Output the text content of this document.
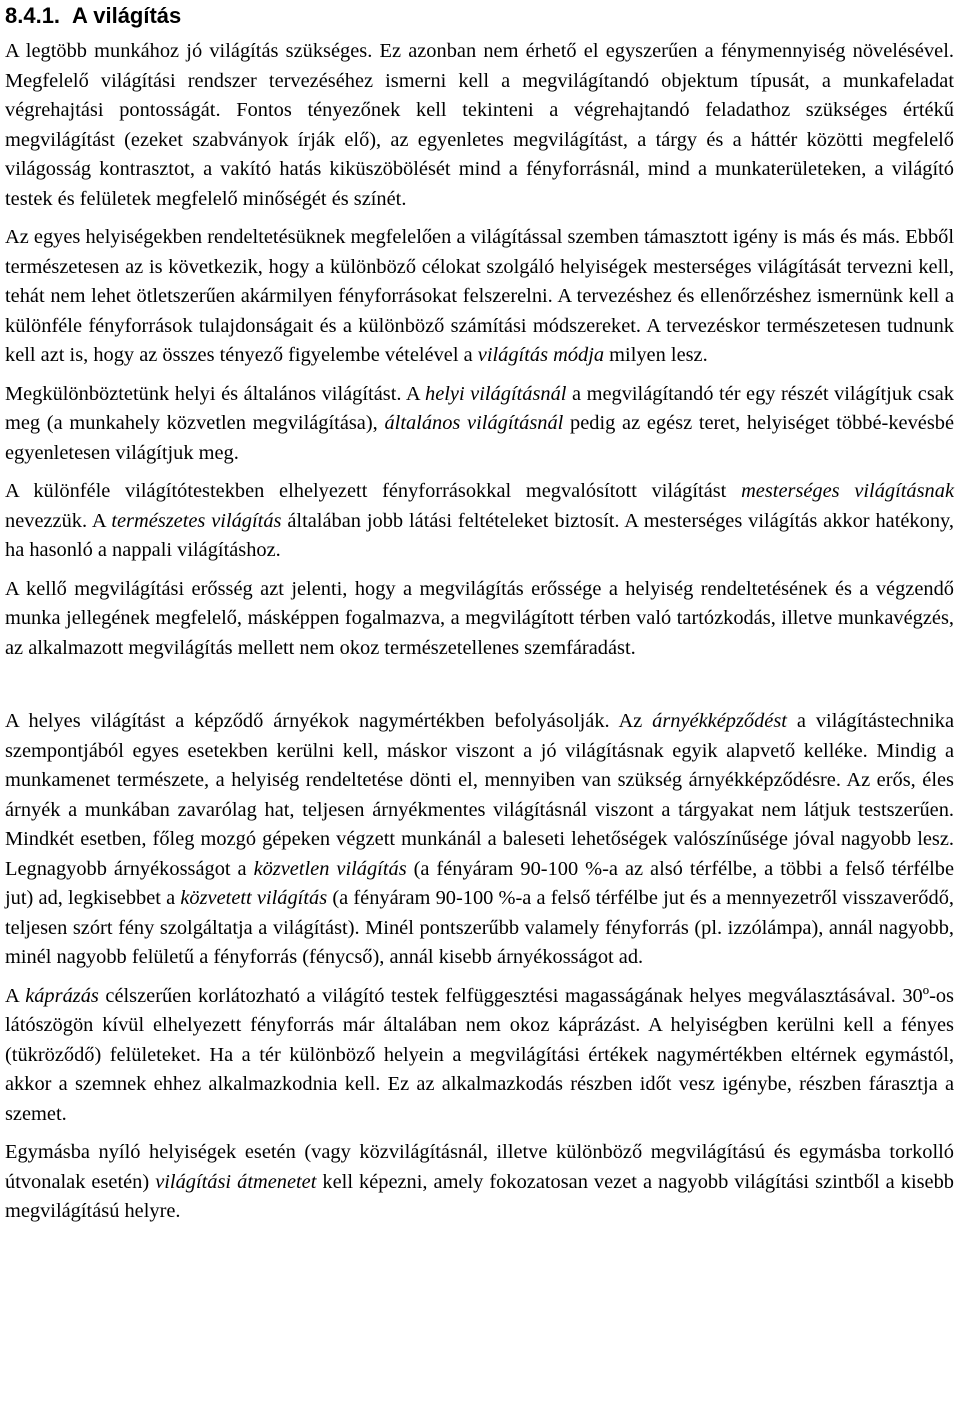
8.4.1. A világítás

A legtöbb munkához jó világítás szükséges. Ez azonban nem érhető el egyszerűen a fénymennyiség növelésével. Megfelelő világítási rendszer tervezéséhez ismerni kell a megvilágítandó objektum típusát, a munkafeladat végrehajtási pontosságát. Fontos tényezőnek kell tekinteni a végrehajtandó feladathoz szükséges értékű megvilágítást (ezeket szabványok írják elő), az egyenletes megvilágítást, a tárgy és a háttér közötti megfelelő világosság kontrasztot, a vakító hatás kiküszöbölését mind a fényforrásnál, mind a munkaterületeken, a világító testek és felületek megfelelő minőségét és színét.

Az egyes helyiségekben rendeltetésüknek megfelelően a világítással szemben támasztott igény is más és más. Ebből természetesen az is következik, hogy a különböző célokat szolgáló helyiségek mesterséges világítását tervezni kell, tehát nem lehet ötletszerűen akármilyen fényforrásokat felszerelni. A tervezéshez és ellenőrzéshez ismernünk kell a különféle fényforrások tulajdonságait és a különböző számítási módszereket. A tervezéskor természetesen tudnunk kell azt is, hogy az összes tényező figyelembe vételével a világítás módja milyen lesz.

Megkülönböztetünk helyi és általános világítást. A helyi világításnál a megvilágítandó tér egy részét világítjuk csak meg (a munkahely közvetlen megvilágítása), általános világításnál pedig az egész teret, helyiséget többé-kevésbé egyenletesen világítjuk meg.

A különféle világítótestekben elhelyezett fényforrásokkal megvalósított világítást mesterséges világításnak nevezzük. A természetes világítás általában jobb látási feltételeket biztosít. A mesterséges világítás akkor hatékony, ha hasonló a nappali világításhoz.

A kellő megvilágítási erősség azt jelenti, hogy a megvilágítás erőssége a helyiség rendeltetésének és a végzendő munka jellegének megfelelő, másképpen fogalmazva, a megvilágított térben való tartózkodás, illetve munkavégzés, az alkalmazott megvilágítás mellett nem okoz természetellenes szemfáradást.

A helyes világítást a képződő árnyékok nagymértékben befolyásolják. Az árnyékképződést a világítástechnika szempontjából egyes esetekben kerülni kell, máskor viszont a jó világításnak egyik alapvető kelléke. Mindig a munkamenet természete, a helyiség rendeltetése dönti el, mennyiben van szükség árnyékképződésre. Az erős, éles árnyék a munkában zavarólag hat, teljesen árnyékmentes világításnál viszont a tárgyakat nem látjuk testszerűen. Mindkét esetben, főleg mozgó gépeken végzett munkánál a baleseti lehetőségek valószínűsége jóval nagyobb lesz. Legnagyobb árnyékosságot a közvetlen világítás (a fényáram 90-100 %-a az alsó térfélbe, a többi a felső térfélbe jut) ad, legkisebbet a közvetett világítás (a fényáram 90-100 %-a a felső térfélbe jut és a mennyezetről visszaverődő, teljesen szórt fény szolgáltatja a világítást). Minél pontszerűbb valamely fényforrás (pl. izzólámpa), annál nagyobb, minél nagyobb felületű a fényforrás (fénycső), annál kisebb árnyékosságot ad.

A káprázás célszerűen korlátozható a világító testek felfüggesztési magasságának helyes megválasztásával. 30º-os látószögön kívül elhelyezett fényforrás már általában nem okoz káprázást. A helyiségben kerülni kell a fényes (tükröződő) felületeket. Ha a tér különböző helyein a megvilágítási értékek nagymértékben eltérnek egymástól, akkor a szemnek ehhez alkalmazkodnia kell. Ez az alkalmazkodás részben időt vesz igénybe, részben fárasztja a szemet.

Egymásba nyíló helyiségek esetén (vagy közvilágításnál, illetve különböző megvilágítású és egymásba torkolló útvonalak esetén) világítási átmenetet kell képezni, amely fokozatosan vezet a nagyobb világítási szintből a kisebb megvilágítású helyre.
